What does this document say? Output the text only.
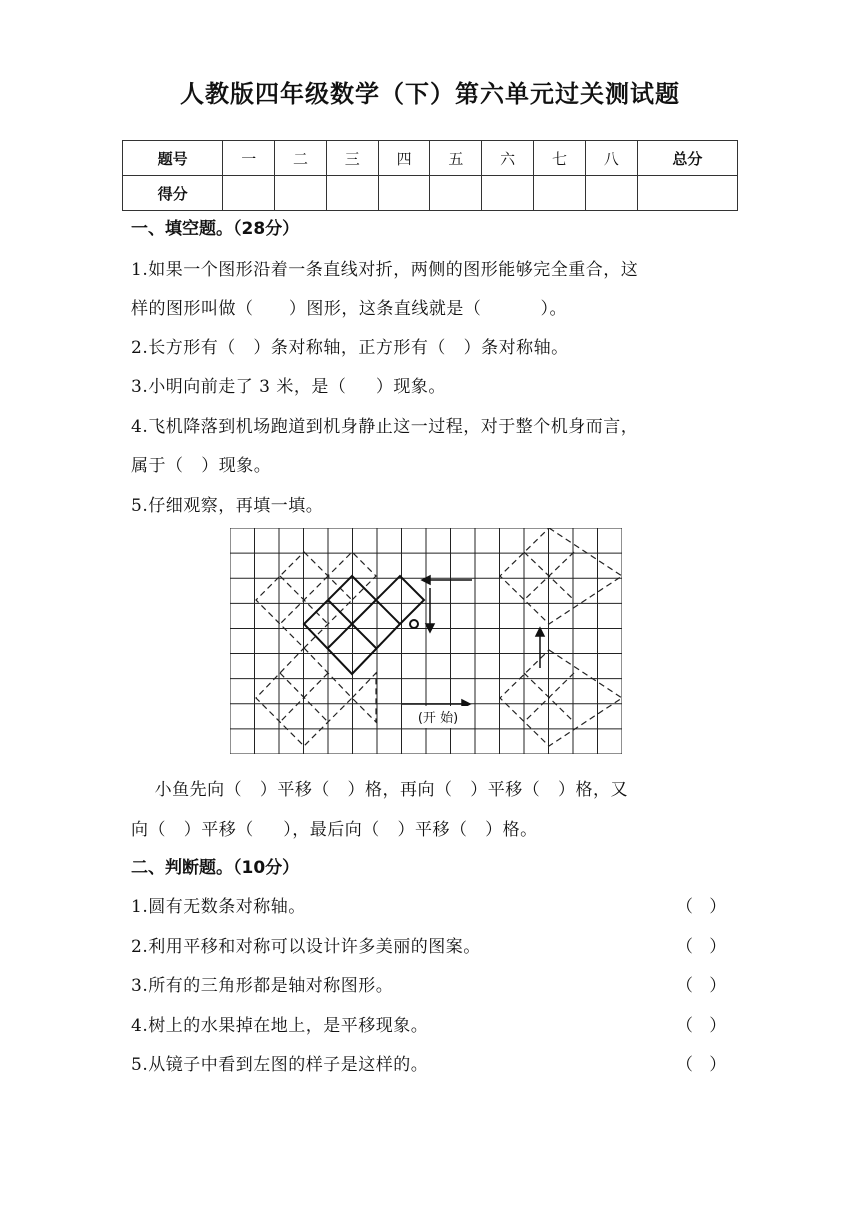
人教版四年级数学（下）第六单元过关测试题
题号	一	二	三	四	五	六	七	八	总分
得分									
一、填空题。（28分）
1.如果一个图形沿着一条直线对折，两侧的图形能够完全重合，这
样的图形叫做（      ）图形，这条直线就是（          ）。
2.长方形有（   ）条对称轴，正方形有（   ）条对称轴。
3.小明向前走了 3 米，是（     ）现象。
4.飞机降落到机场跑道到机身静止这一过程，对于整个机身而言，
属于（   ）现象。
5.仔细观察，再填一填。
(开 始)
小鱼先向（   ）平移（   ）格，再向（   ）平移（   ）格，又
向（   ）平移（     ），最后向（   ）平移（   ）格。
二、判断题。（10分）
1.圆有无数条对称轴。	（   ）
2.利用平移和对称可以设计许多美丽的图案。	（   ）
3.所有的三角形都是轴对称图形。	（   ）
4.树上的水果掉在地上，是平移现象。	（   ）
5.从镜子中看到左图的样子是这样的。	（   ）
